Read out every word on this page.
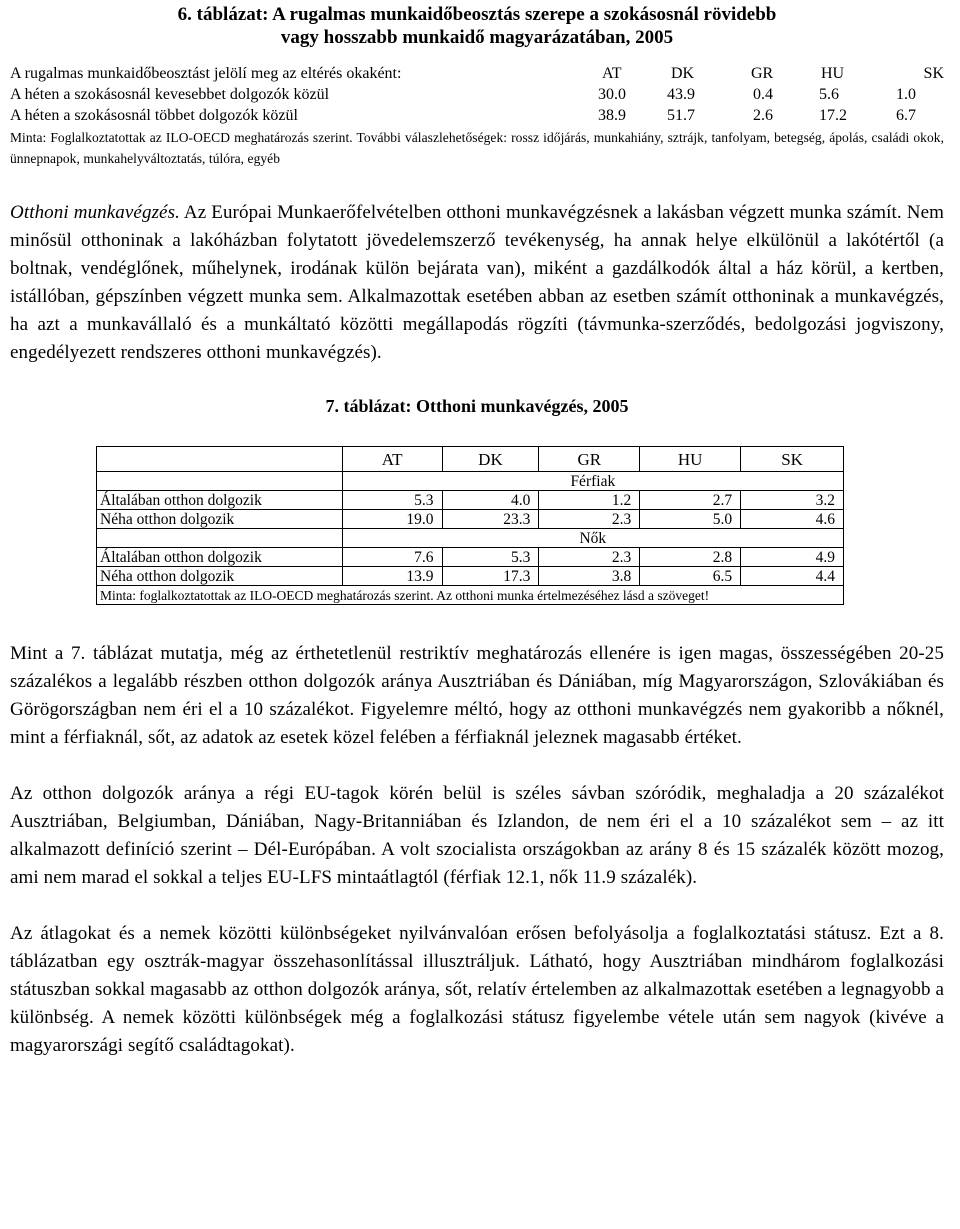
6. táblázat: A rugalmas munkaidőbeosztás szerepe a szokásosnál rövidebb
vagy hosszabb munkaidő magyarázatában, 2005
A rugalmas munkaidőbeosztást jelölí meg az eltérés okaként:	AT	DK	GR	HU	SK
A héten a szokásosnál kevesebbet dolgozók közül	30.0	43.9	0.4	5.6	1.0
A héten a szokásosnál többet dolgozók közül	38.9	51.7	2.6	17.2	6.7
Minta: Foglalkoztatottak az ILO-OECD meghatározás szerint. További válaszlehetőségek: rossz időjárás, munkahiány, sztrájk, tanfolyam, betegség, ápolás, családi okok, ünnepnapok, munkahelyváltoztatás, túlóra, egyéb
Otthoni munkavégzés. Az Európai Munkaerőfelvételben otthoni munkavégzésnek a lakásban végzett munka számít. Nem minősül otthoninak a lakóházban folytatott jövedelemszerző tevékenység, ha annak helye elkülönül a lakótértől (a boltnak, vendéglőnek, műhelynek, irodának külön bejárata van), miként a gazdálkodók által a ház körül, a kertben, istállóban, gépszínben végzett munka sem. Alkalmazottak esetében abban az esetben számít otthoninak a munkavégzés, ha azt a munkavállaló és a munkáltató közötti megállapodás rögzíti (távmunka-szerződés, bedolgozási jogviszony, engedélyezett rendszeres otthoni munkavégzés).
7. táblázat: Otthoni munkavégzés, 2005
	AT	DK	GR	HU	SK
	Férfiak				
Általában otthon dolgozik	5.3	4.0	1.2	2.7	3.2
Néha otthon dolgozik	19.0	23.3	2.3	5.0	4.6
	Nők				
Általában otthon dolgozik	7.6	5.3	2.3	2.8	4.9
Néha otthon dolgozik	13.9	17.3	3.8	6.5	4.4
Minta: foglalkoztatottak az ILO-OECD meghatározás szerint. Az otthoni munka értelmezéséhez lásd a szöveget!					
Mint a 7. táblázat mutatja, még az érthetetlenül restriktív meghatározás ellenére is igen magas, összességében 20-25 százalékos a legalább részben otthon dolgozók aránya Ausztriában és Dániában, míg Magyarországon, Szlovákiában és Görögországban nem éri el a 10 százalékot. Figyelemre méltó, hogy az otthoni munkavégzés nem gyakoribb a nőknél, mint a férfiaknál, sőt, az adatok az esetek közel felében a férfiaknál jeleznek magasabb értéket.
Az otthon dolgozók aránya a régi EU-tagok körén belül is széles sávban szóródik, meghaladja a 20 százalékot Ausztriában, Belgiumban, Dániában, Nagy-Britanniában és Izlandon, de nem éri el a 10 százalékot sem – az itt alkalmazott definíció szerint – Dél-Európában. A volt szocialista országokban az arány 8 és 15 százalék között mozog, ami nem marad el sokkal a teljes EU-LFS mintaátlagtól (férfiak 12.1, nők 11.9 százalék).
Az átlagokat és a nemek közötti különbségeket nyilvánvalóan erősen befolyásolja a foglalkoztatási státusz. Ezt a 8. táblázatban egy osztrák-magyar összehasonlítással illusztráljuk. Látható, hogy Ausztriában mindhárom foglalkozási státuszban sokkal magasabb az otthon dolgozók aránya, sőt, relatív értelemben az alkalmazottak esetében a legnagyobb a különbség. A nemek közötti különbségek még a foglalkozási státusz figyelembe vétele után sem nagyok (kivéve a magyarországi segítő családtagokat).
